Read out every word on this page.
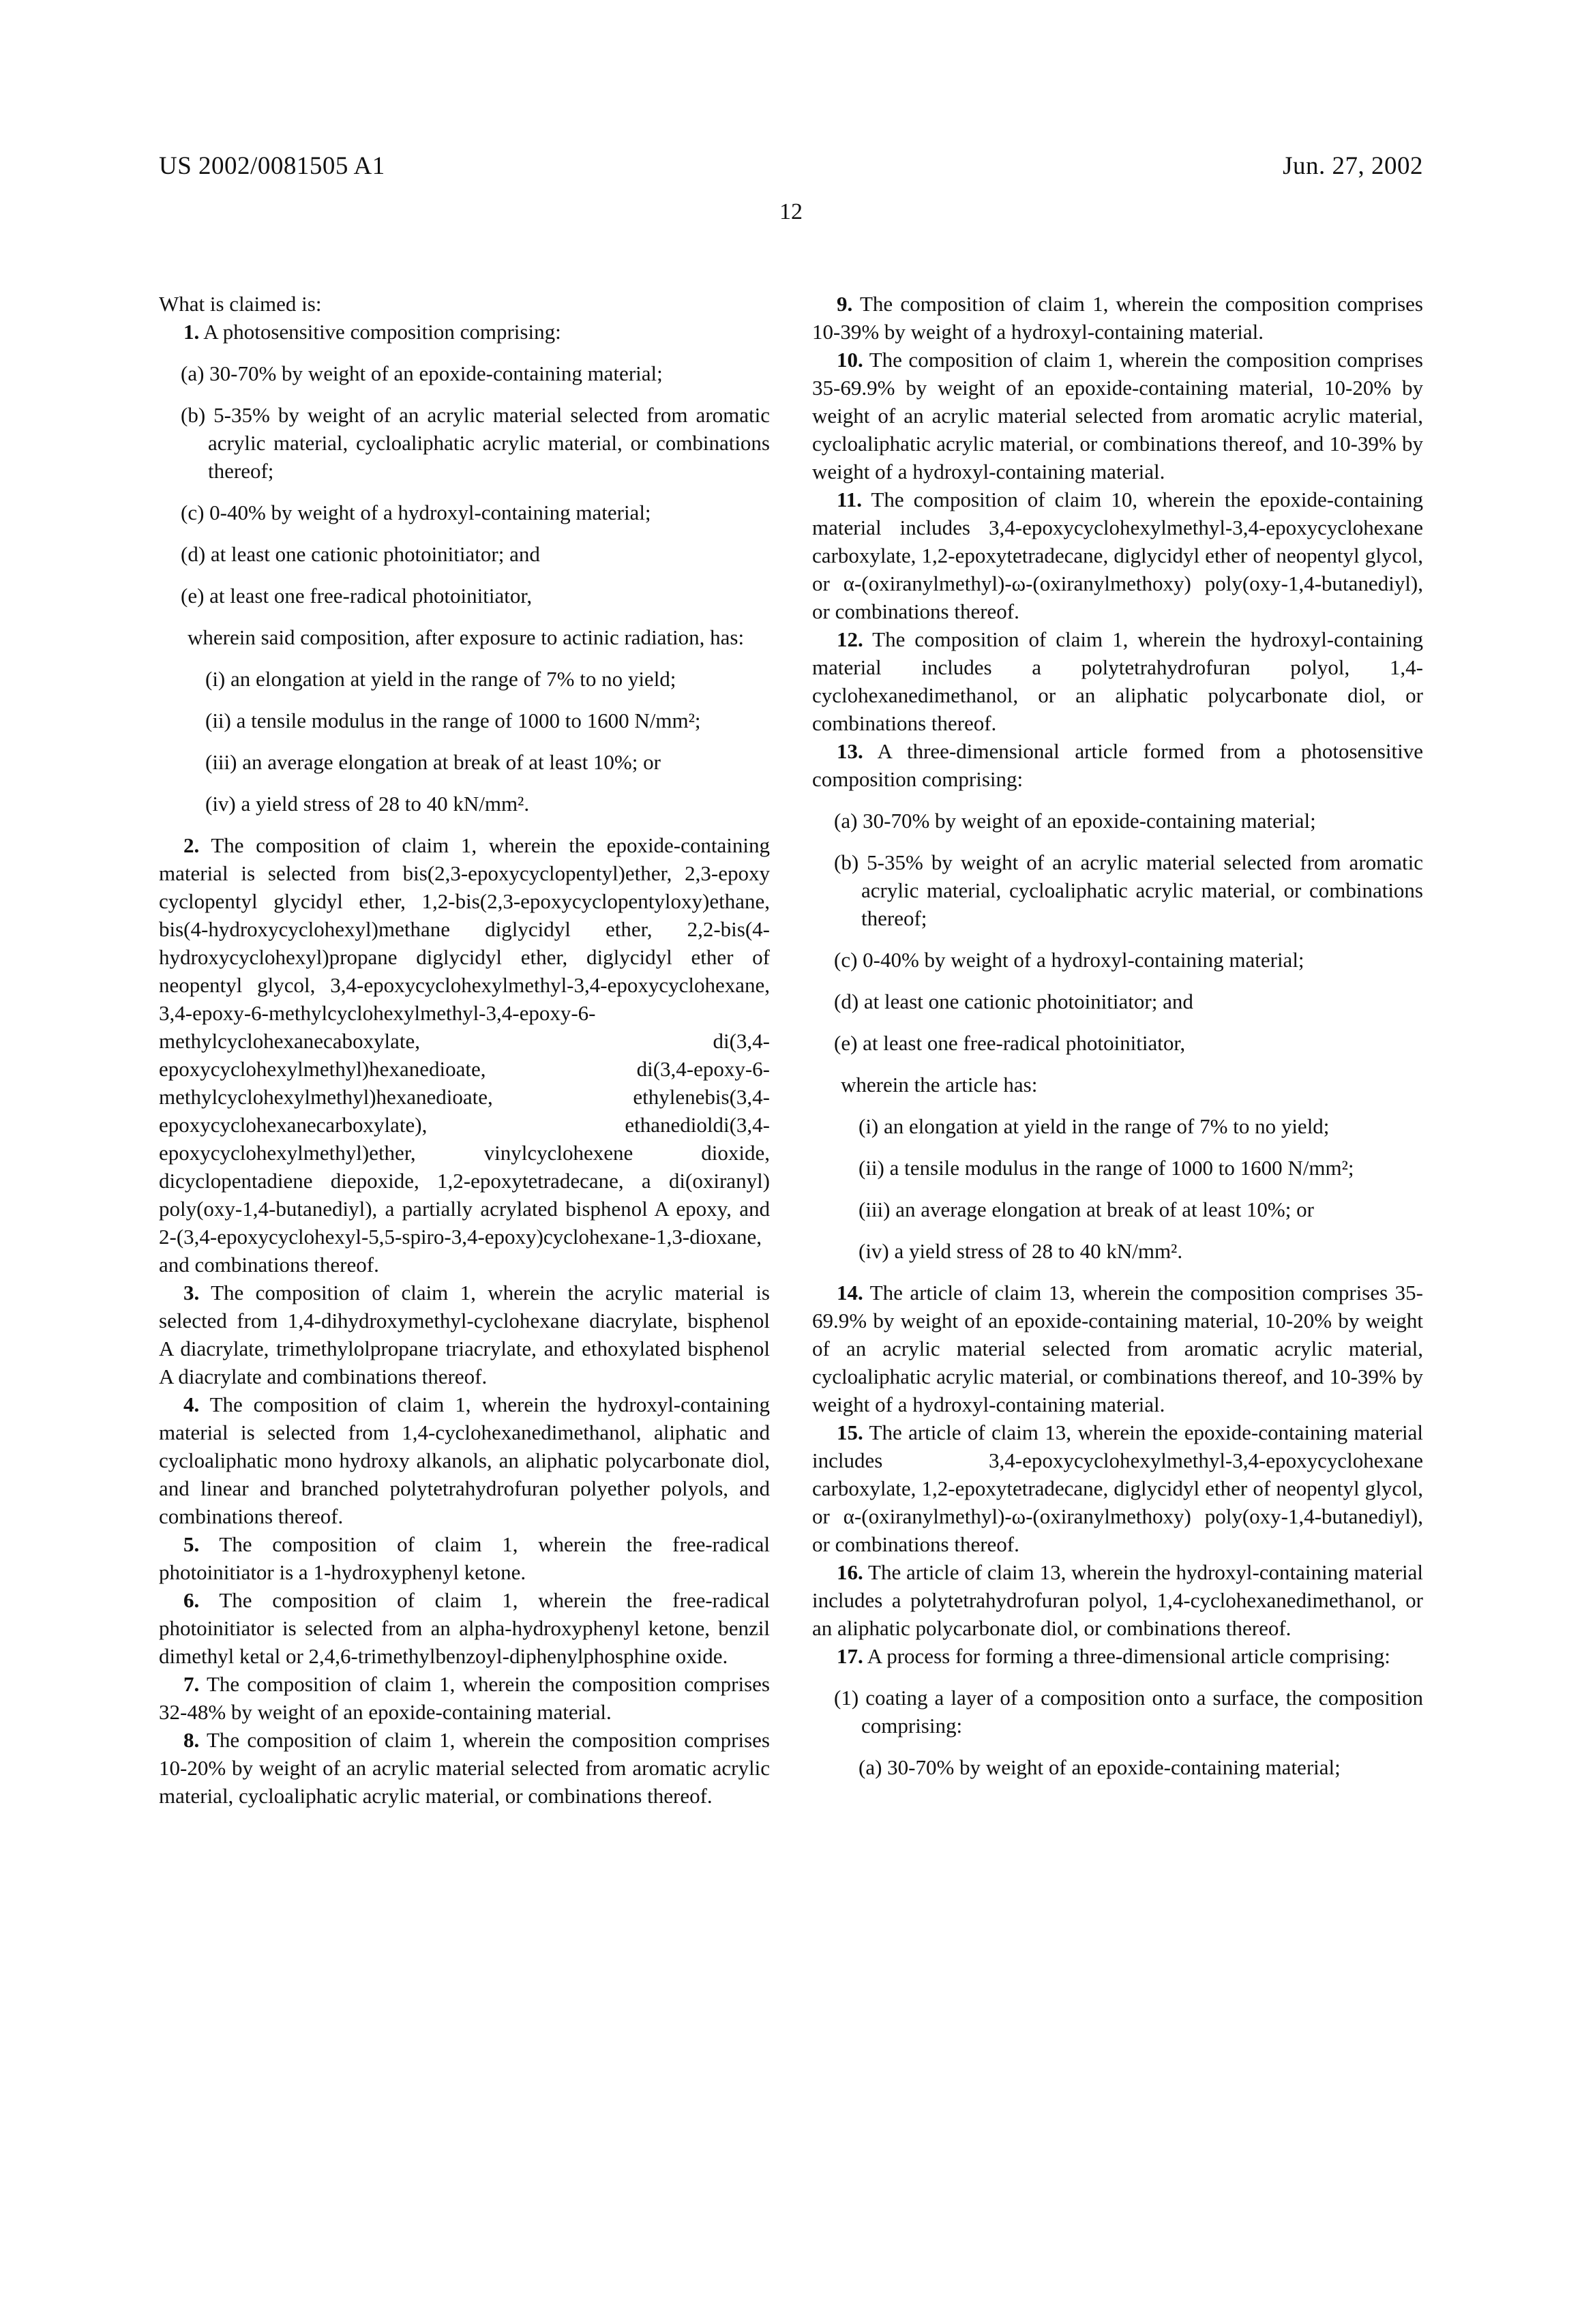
US 2002/0081505 A1	Jun. 27, 2002
12

What is claimed is:

1. A photosensitive composition comprising:

(a) 30-70% by weight of an epoxide-containing material;

(b) 5-35% by weight of an acrylic material selected from aromatic acrylic material, cycloaliphatic acrylic material, or combinations thereof;

(c) 0-40% by weight of a hydroxyl-containing material;

(d) at least one cationic photoinitiator; and

(e) at least one free-radical photoinitiator,

wherein said composition, after exposure to actinic radiation, has:

(i) an elongation at yield in the range of 7% to no yield;

(ii) a tensile modulus in the range of 1000 to 1600 N/mm²;

(iii) an average elongation at break of at least 10%; or

(iv) a yield stress of 28 to 40 kN/mm².

2. The composition of claim 1, wherein the epoxide-containing material is selected from bis(2,3-epoxycyclopentyl)ether, 2,3-epoxy cyclopentyl glycidyl ether, 1,2-bis(2,3-epoxycyclopentyloxy)ethane, bis(4-hydroxycyclohexyl)methane diglycidyl ether, 2,2-bis(4-hydroxycyclohexyl)propane diglycidyl ether, diglycidyl ether of neopentyl glycol, 3,4-epoxycyclohexylmethyl-3,4-epoxycyclohexane, 3,4-epoxy-6-methylcyclohexylmethyl-3,4-epoxy-6-methylcyclohexanecaboxylate, di(3,4-epoxycyclohexylmethyl)hexanedioate, di(3,4-epoxy-6-methylcyclohexylmethyl)hexanedioate, ethylenebis(3,4-epoxycyclohexanecarboxylate), ethanedioldi(3,4-epoxycyclohexylmethyl)ether, vinylcyclohexene dioxide, dicyclopentadiene diepoxide, 1,2-epoxytetradecane, a di(oxiranyl) poly(oxy-1,4-butanediyl), a partially acrylated bisphenol A epoxy, and 2-(3,4-epoxycyclohexyl-5,5-spiro-3,4-epoxy)cyclohexane-1,3-dioxane, and combinations thereof.

3. The composition of claim 1, wherein the acrylic material is selected from 1,4-dihydroxymethyl-cyclohexane diacrylate, bisphenol A diacrylate, trimethylolpropane triacrylate, and ethoxylated bisphenol A diacrylate and combinations thereof.

4. The composition of claim 1, wherein the hydroxyl-containing material is selected from 1,4-cyclohexanedimethanol, aliphatic and cycloaliphatic mono hydroxy alkanols, an aliphatic polycarbonate diol, and linear and branched polytetrahydrofuran polyether polyols, and combinations thereof.

5. The composition of claim 1, wherein the free-radical photoinitiator is a 1-hydroxyphenyl ketone.

6. The composition of claim 1, wherein the free-radical photoinitiator is selected from an alpha-hydroxyphenyl ketone, benzil dimethyl ketal or 2,4,6-trimethylbenzoyl-diphenylphosphine oxide.

7. The composition of claim 1, wherein the composition comprises 32-48% by weight of an epoxide-containing material.

8. The composition of claim 1, wherein the composition comprises 10-20% by weight of an acrylic material selected from aromatic acrylic material, cycloaliphatic acrylic material, or combinations thereof.

9. The composition of claim 1, wherein the composition comprises 10-39% by weight of a hydroxyl-containing material.

10. The composition of claim 1, wherein the composition comprises 35-69.9% by weight of an epoxide-containing material, 10-20% by weight of an acrylic material selected from aromatic acrylic material, cycloaliphatic acrylic material, or combinations thereof, and 10-39% by weight of a hydroxyl-containing material.

11. The composition of claim 10, wherein the epoxide-containing material includes 3,4-epoxycyclohexylmethyl-3,4-epoxycyclohexane carboxylate, 1,2-epoxytetradecane, diglycidyl ether of neopentyl glycol, or α-(oxiranylmethyl)-ω-(oxiranylmethoxy) poly(oxy-1,4-butanediyl), or combinations thereof.

12. The composition of claim 1, wherein the hydroxyl-containing material includes a polytetrahydrofuran polyol, 1,4-cyclohexanedimethanol, or an aliphatic polycarbonate diol, or combinations thereof.

13. A three-dimensional article formed from a photosensitive composition comprising:

(a) 30-70% by weight of an epoxide-containing material;

(b) 5-35% by weight of an acrylic material selected from aromatic acrylic material, cycloaliphatic acrylic material, or combinations thereof;

(c) 0-40% by weight of a hydroxyl-containing material;

(d) at least one cationic photoinitiator; and

(e) at least one free-radical photoinitiator,

wherein the article has:

(i) an elongation at yield in the range of 7% to no yield;

(ii) a tensile modulus in the range of 1000 to 1600 N/mm²;

(iii) an average elongation at break of at least 10%; or

(iv) a yield stress of 28 to 40 kN/mm².

14. The article of claim 13, wherein the composition comprises 35-69.9% by weight of an epoxide-containing material, 10-20% by weight of an acrylic material selected from aromatic acrylic material, cycloaliphatic acrylic material, or combinations thereof, and 10-39% by weight of a hydroxyl-containing material.

15. The article of claim 13, wherein the epoxide-containing material includes 3,4-epoxycyclohexylmethyl-3,4-epoxycyclohexane carboxylate, 1,2-epoxytetradecane, diglycidyl ether of neopentyl glycol, or α-(oxiranylmethyl)-ω-(oxiranylmethoxy) poly(oxy-1,4-butanediyl), or combinations thereof.

16. The article of claim 13, wherein the hydroxyl-containing material includes a polytetrahydrofuran polyol, 1,4-cyclohexanedimethanol, or an aliphatic polycarbonate diol, or combinations thereof.

17. A process for forming a three-dimensional article comprising:

(1) coating a layer of a composition onto a surface, the composition comprising:

(a) 30-70% by weight of an epoxide-containing material;
